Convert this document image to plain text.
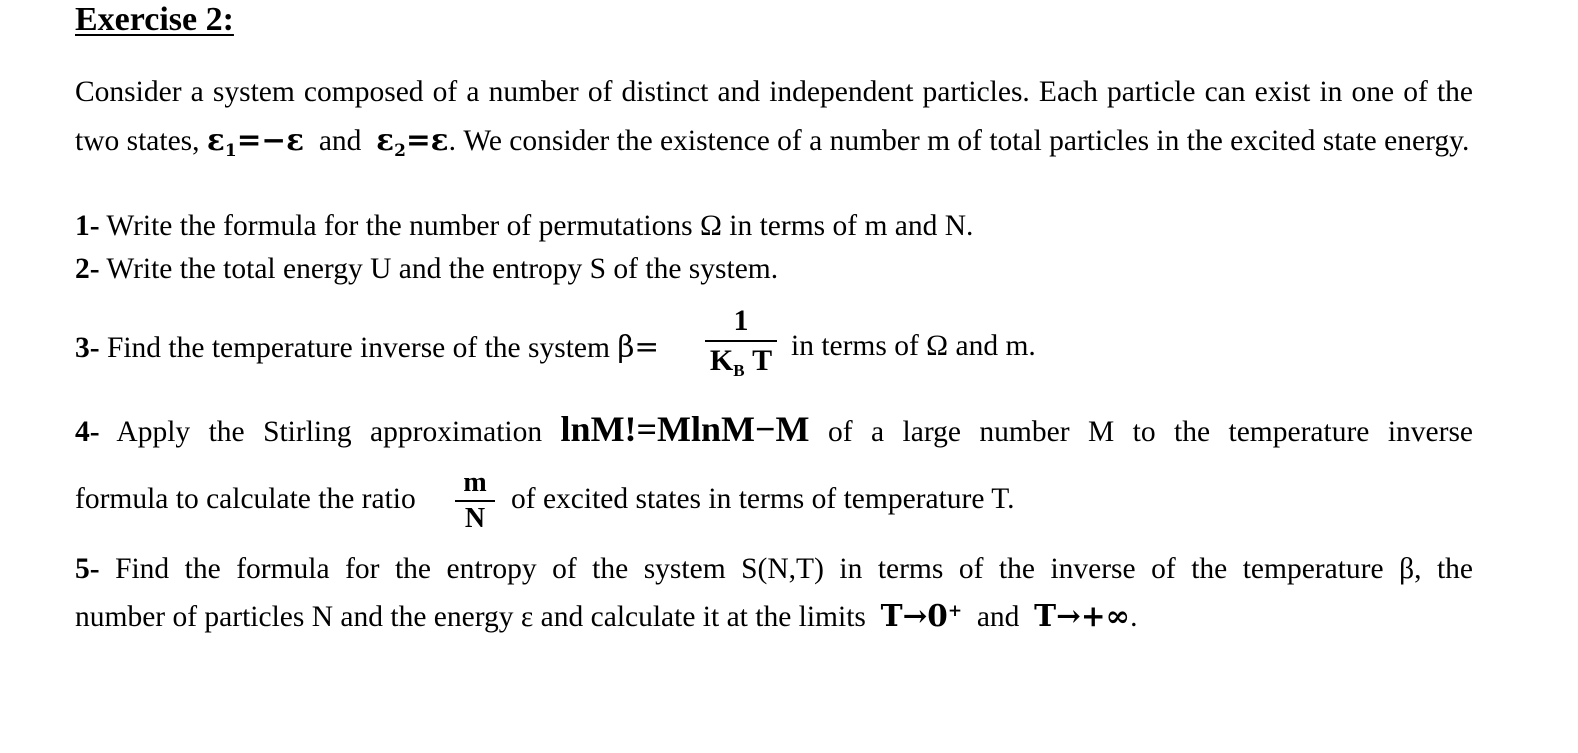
Exercise 2:

Consider a system composed of a number of distinct and independent particles. Each particle can exist in one of the two states, $\varepsilon_1=-\varepsilon$ and $\varepsilon_2=\varepsilon$. We consider the existence of a number m of total particles in the excited state energy.

1- Write the formula for the number of permutations Ω in terms of m and N.
2- Write the total energy U and the entropy S of the system.
3- Find the temperature inverse of the system β=
1
$K_B$ T in terms of Ω and m.
4- Apply the Stirling approximation lnM!=MlnM−M of a large number M to the temperature inverse
formula to calculate the ratio
m
N
of excited states in terms of temperature T.
5- Find the formula for the entropy of the system S(N,T) in terms of the inverse of the temperature β, the
number of particles N and the energy ε and calculate it at the limits T→0+ and T→+∞.
